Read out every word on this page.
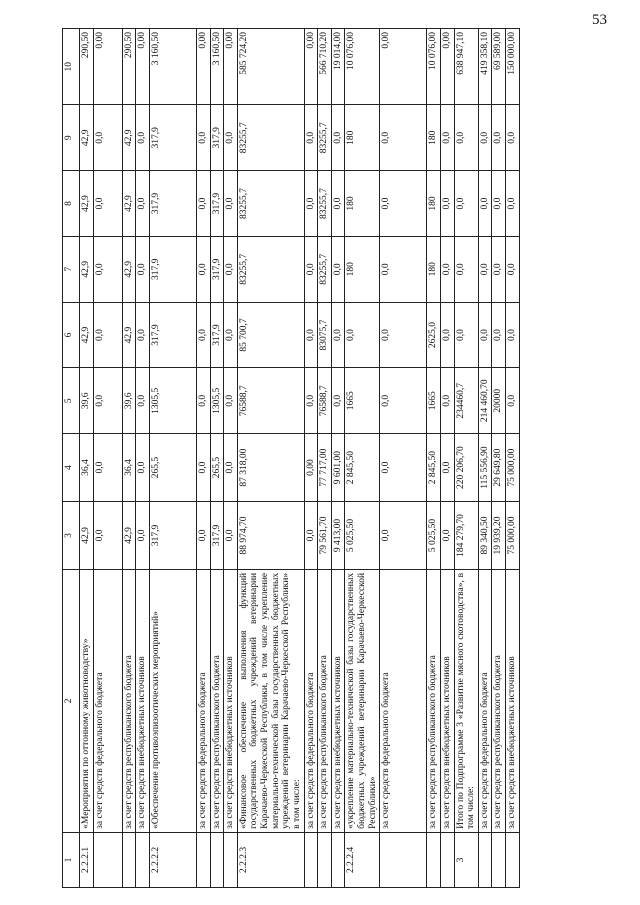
53
1	2	3	4	5	6	7	8	9	10
2.2.2.1	«Мероприятия по оттонному животноводству»	42,9	36,4	39,6	42,9	42,9	42,9	42,9	290,50
	за счет средств федерального бюджета	0,0	0,0	0,0	0,0	0,0	0,0	0,0	0,00
	за счет средств республиканского бюджета	42,9	36,4	39,6	42,9	42,9	42,9	42,9	290,50
	за счет средств внебюджетных источников	0,0	0,0	0,0	0,0	0,0	0,0	0,0	0,00
2.2.2.2	«Обеспечение противоэпизоотических мероприятий»	317,9	265,5	1305,5	317,9	317,9	317,9	317,9	3 160,50
	за счет средств федерального бюджета	0,0	0,0	0,0	0,0	0,0	0,0	0,0	0,00
	за счет средств республиканского бюджета	317,9	265,5	1305,5	317,9	317,9	317,9	317,9	3 160,50
	за счет средств внебюджетных источников	0,0	0,0	0,0	0,0	0,0	0,0	0,0	0,00
2.2.2.3	«Финансовое обеспечение выполнения функций государственных бюджетных учреждений ветеринарии Карачаево-Черкесской Республики, в том числе укрепление материально-технической базы государственных бюджетных учреждений ветеринарии Карачаево-Черкесской Республики» в том числе:	88 974,70	87 318,00	76588,7	85 700,7	83255,7	83255,7	83255,7	585 724,20
	за счет средств федерального бюджета	0,0	0,00	0,0	0,0	0,0	0,0	0,0	0,00
	за счет средств республиканского бюджета	79 561,70	77 717,00	76588,7	83075,7	83255,7	83255,7	83255,7	566 710,20
	за счет средств внебюджетных источников	9 413,00	9 601,00	0,0	0,0	0,0	0,0	0,0	19 014,00
2.2.2.4	«укрепление материально-технической базы государственных бюджетных учреждений ветеринарии Карачаево-Черкесской Республики»	5 025,50	2 845,50	1665	0,0	180	180	180	10 076,00
	за счет средств федерального бюджета	0,0	0,0	0,0	0,0	0,0	0,0	0,0	0,00
	за счет средств республиканского бюджета	5 025,50	2 845,50	1665	2625,0	180	180	180	10 076,00
	за счет средств внебюджетных источников	0,0	0,0	0,0	0,0	0,0	0,0	0,0	0,00
3	Итого по Подпрограмме 3 «Развитие мясного скотоводства», в том числе:	184 279,70	220 206,70	234460,7	0,0	0,0	0,0	0,0	638 947,10
	за счет средств федерального бюджета	89 340,50	115 556,90	214 460,70	0,0	0,0	0,0	0,0	419 358,10
	за счет средств республиканского бюджета	19 939,20	29 649,80	20000	0,0	0,0	0,0	0,0	69 589,00
	за счет средств внебюджетных источников	75 000,00	75 000,00	0,0	0,0	0,0	0,0	0,0	150 000,00
